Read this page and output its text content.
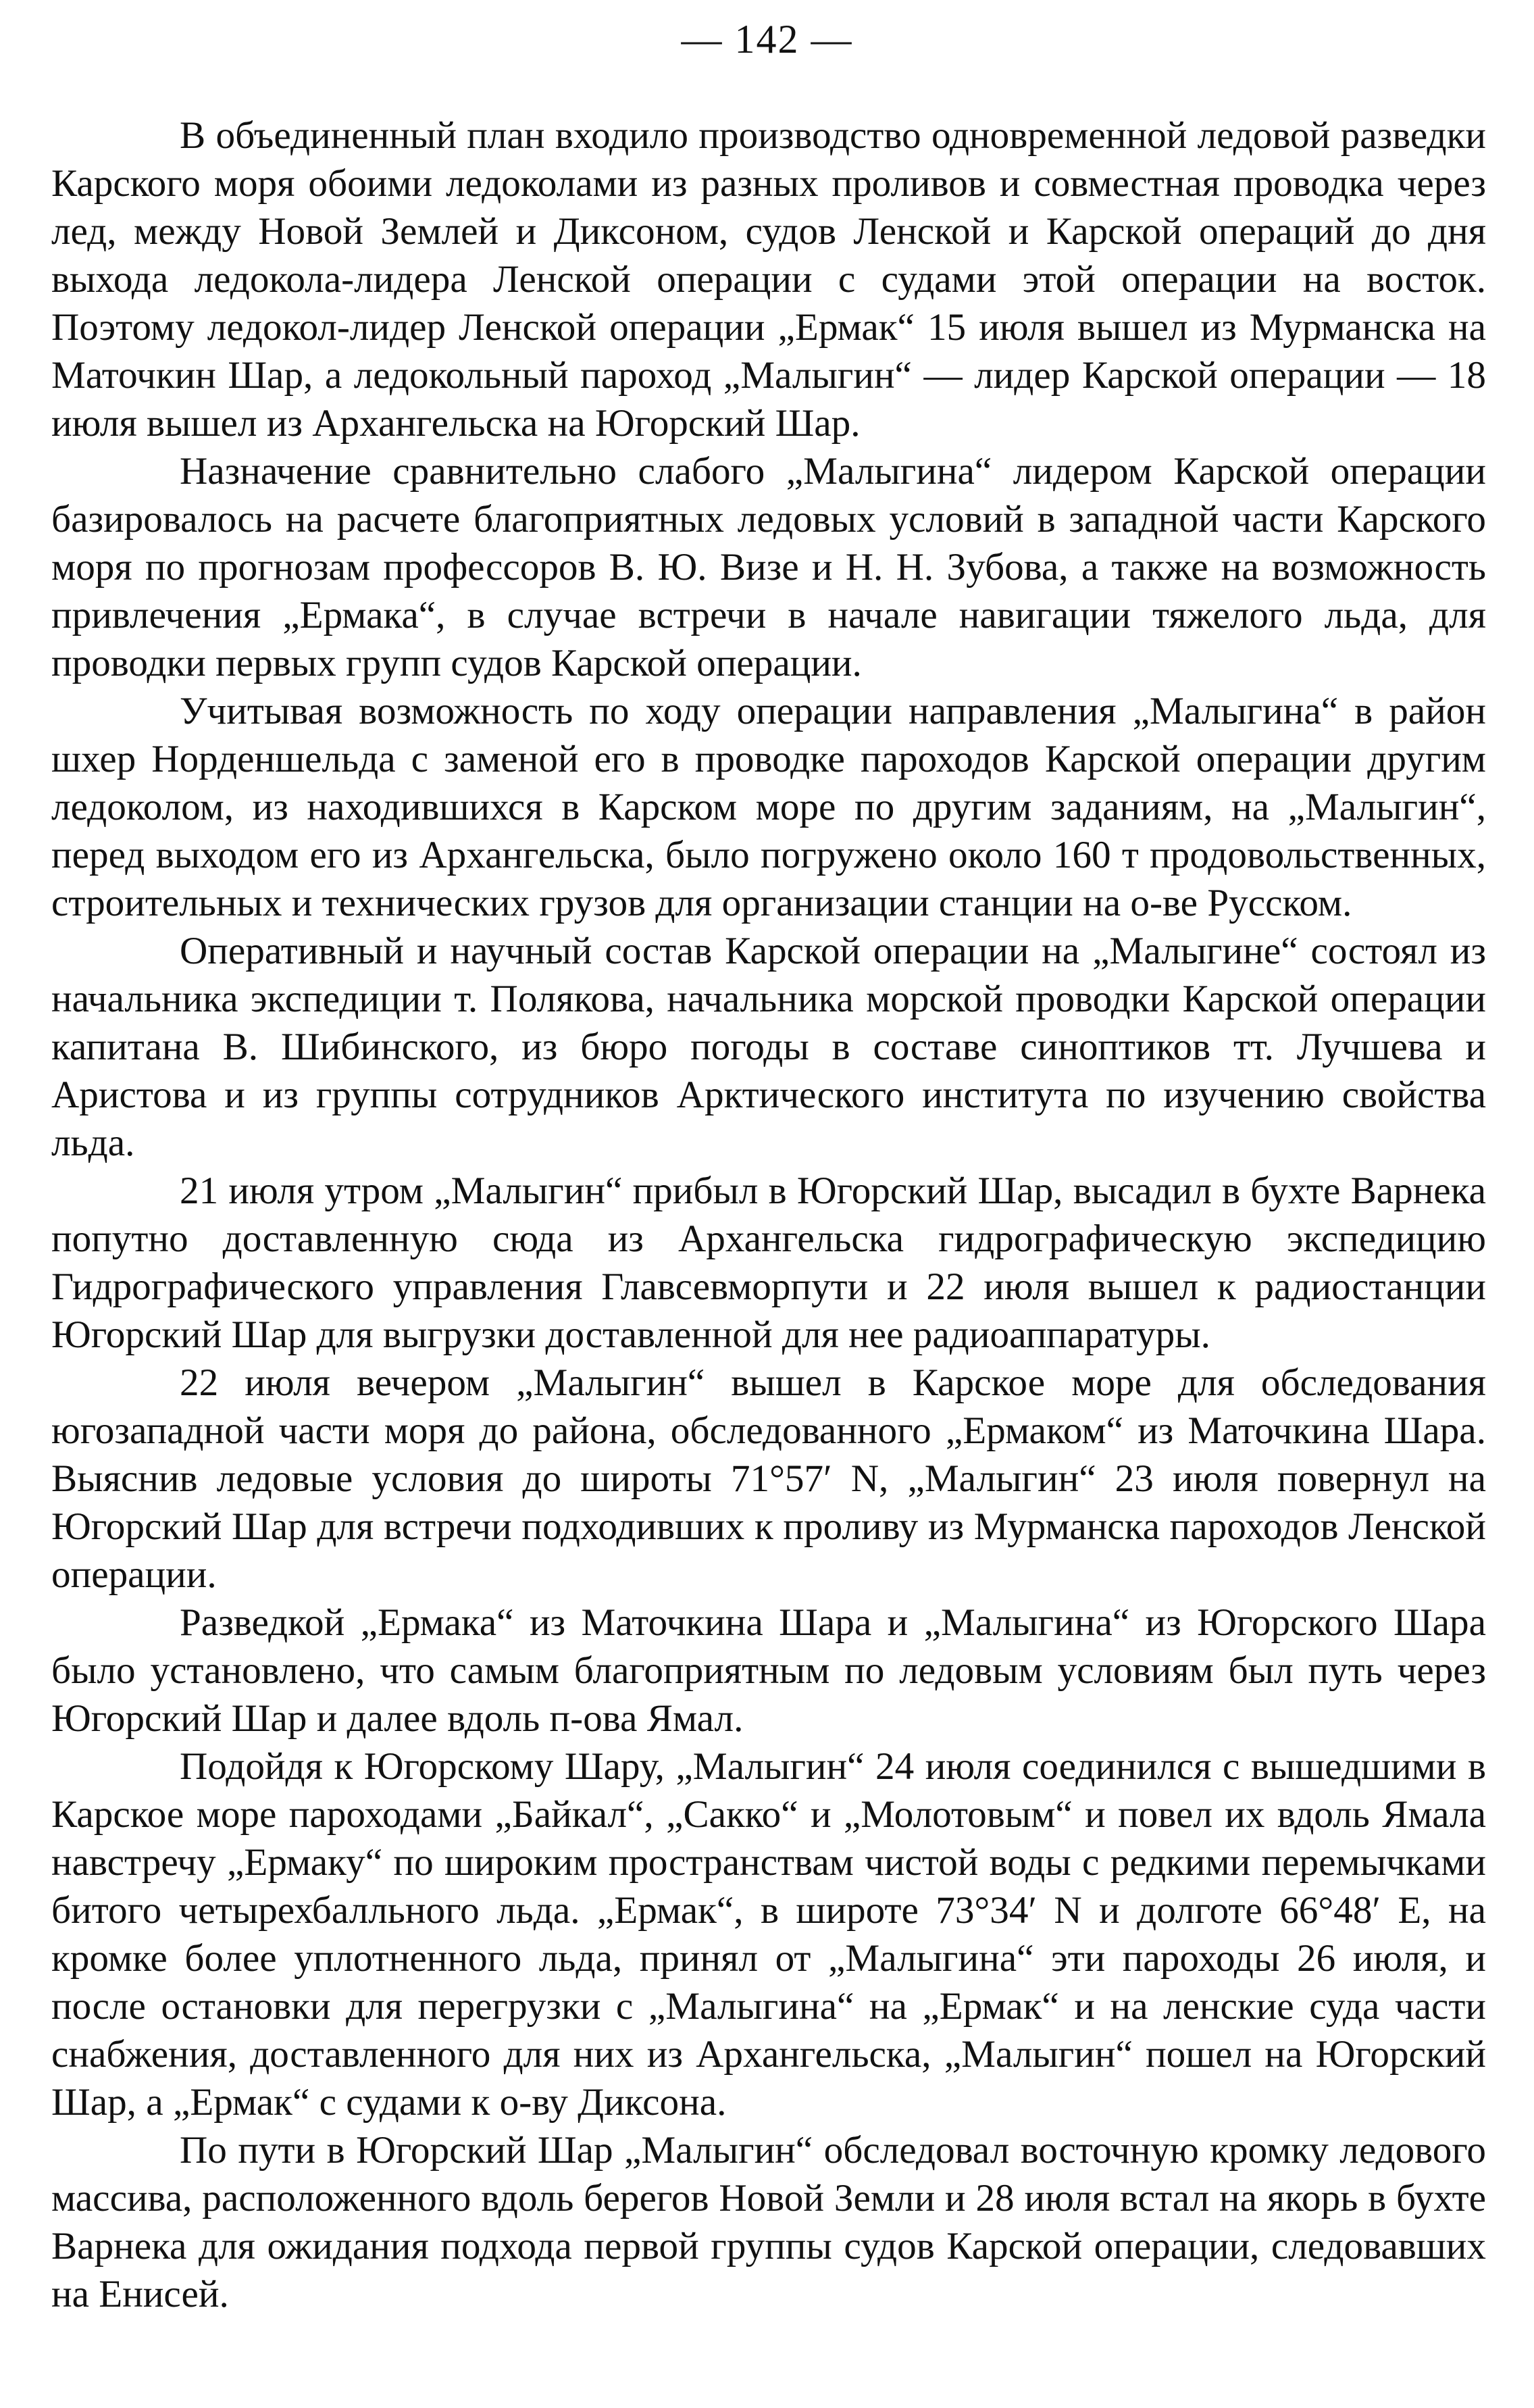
— 142 —

В объединенный план входило производство одновременной ледовой разведки Карского моря обоими ледоколами из разных проливов и совместная проводка через лед, между Новой Землей и Диксоном, судов Ленской и Карской операций до дня выхода ледокола-лидера Ленской операции с судами этой операции на восток. Поэтому ледокол-лидер Ленской операции „Ермак“ 15 июля вышел из Мурманска на Маточкин Шар, а ледокольный пароход „Малыгин“ — лидер Карской операции — 18 июля вышел из Архангельска на Югорский Шар.

Назначение сравнительно слабого „Малыгина“ лидером Карской операции базировалось на расчете благоприятных ледовых условий в западной части Карского моря по прогнозам профессоров В. Ю. Визе и Н. Н. Зубова, а также на возможность привлечения „Ермака“, в случае встречи в начале навигации тяжелого льда, для проводки первых групп судов Карской операции.

Учитывая возможность по ходу операции направления „Малыгина“ в район шхер Норденшельда с заменой его в проводке пароходов Карской операции другим ледоколом, из находившихся в Карском море по другим заданиям, на „Малыгин“, перед выходом его из Архангельска, было погружено около 160 т продовольственных, строительных и технических грузов для организации станции на о-ве Русском.

Оперативный и научный состав Карской операции на „Малыгине“ состоял из начальника экспедиции т. Полякова, начальника морской проводки Карской операции капитана В. Шибинского, из бюро погоды в составе синоптиков тт. Лучшева и Аристова и из группы сотрудников Арктического института по изучению свойства льда.

21 июля утром „Малыгин“ прибыл в Югорский Шар, высадил в бухте Варнека попутно доставленную сюда из Архангельска гидрографическую экспедицию Гидрографического управления Главсевморпути и 22 июля вышел к радиостанции Югорский Шар для выгрузки доставленной для нее радиоаппаратуры.

22 июля вечером „Малыгин“ вышел в Карское море для обследования югозападной части моря до района, обследованного „Ермаком“ из Маточкина Шара. Выяснив ледовые условия до широты 71°57′ N, „Малыгин“ 23 июля повернул на Югорский Шар для встречи подходивших к проливу из Мурманска пароходов Ленской операции.

Разведкой „Ермака“ из Маточкина Шара и „Малыгина“ из Югорского Шара было установлено, что самым благоприятным по ледовым условиям был путь через Югорский Шар и далее вдоль п-ова Ямал.

Подойдя к Югорскому Шару, „Малыгин“ 24 июля соединился с вышедшими в Карское море пароходами „Байкал“, „Сакко“ и „Молотовым“ и повел их вдоль Ямала навстречу „Ермаку“ по широким пространствам чистой воды с редкими перемычками битого четырехбалльного льда. „Ермак“, в широте 73°34′ N и долготе 66°48′ Е, на кромке более уплотненного льда, принял от „Малыгина“ эти пароходы 26 июля, и после остановки для перегрузки с „Малыгина“ на „Ермак“ и на ленские суда части снабжения, доставленного для них из Архангельска, „Малыгин“ пошел на Югорский Шар, а „Ермак“ с судами к о-ву Диксона.

По пути в Югорский Шар „Малыгин“ обследовал восточную кромку ледового массива, расположенного вдоль берегов Новой Земли и 28 июля встал на якорь в бухте Варнека для ожидания подхода первой группы судов Карской операции, следовавших на Енисей.
